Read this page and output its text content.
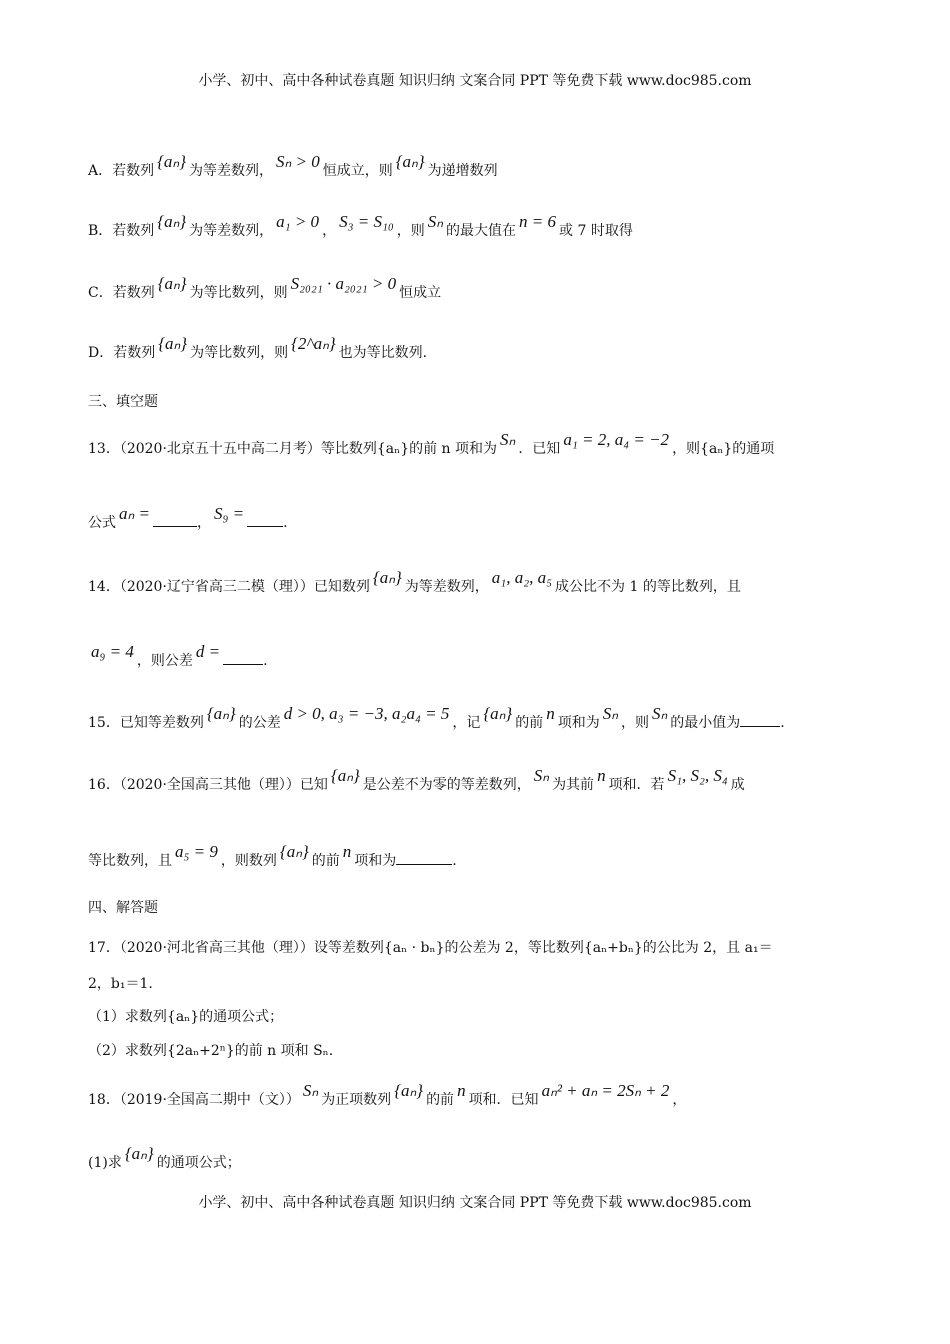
小学、初中、高中各种试卷真题 知识归纳 文案合同 PPT 等免费下载 www.doc985.com
A．若数列 {aₙ} 为等差数列， Sₙ > 0 恒成立，则 {aₙ} 为递增数列
B．若数列 {aₙ} 为等差数列， a₁ > 0 ， S₃ = S₁₀ ，则 Sₙ 的最大值在 n = 6 或 7 时取得
C．若数列 {aₙ} 为等比数列，则 S₂₀₂₁ · a₂₀₂₁ > 0 恒成立
D．若数列 {aₙ} 为等比数列，则 {2^aₙ} 也为等比数列.
三、填空题
13．（2020·北京五十五中高二月考）等比数列{aₙ}的前 n 项和为 Sₙ ．已知 a₁ = 2, a₄ = −2 ，则{aₙ}的通项
公式 aₙ =	， S₉ =	.
14．（2020·辽宁省高三二模（理））已知数列 {aₙ} 为等差数列， a₁, a₂, a₅ 成公比不为 1 的等比数列，且
a₉ = 4 ，则公差 d =	.
15．已知等差数列 {aₙ} 的公差 d > 0, a₃ = −3, a₂a₄ = 5 ，记 {aₙ} 的前 n 项和为 Sₙ ，则 Sₙ 的最小值为	.
16．（2020·全国高三其他（理））已知 {aₙ} 是公差不为零的等差数列， Sₙ 为其前 n 项和．若 S₁, S₂, S₄ 成
等比数列，且 a₅ = 9 ，则数列 {aₙ} 的前 n 项和为	.
四、解答题
17．（2020·河北省高三其他（理））设等差数列{aₙ · bₙ}的公差为 2，等比数列{aₙ+bₙ}的公比为 2，且 a₁＝
2，b₁＝1.
（1）求数列{aₙ}的通项公式；
（2）求数列{2aₙ+2ⁿ}的前 n 项和 Sₙ.
18．（2019·全国高二期中（文）） Sₙ 为正项数列 {aₙ} 的前 n 项和．已知 aₙ² + aₙ = 2Sₙ + 2 ，
(1)求 {aₙ} 的通项公式；
小学、初中、高中各种试卷真题 知识归纳 文案合同 PPT 等免费下载 www.doc985.com
